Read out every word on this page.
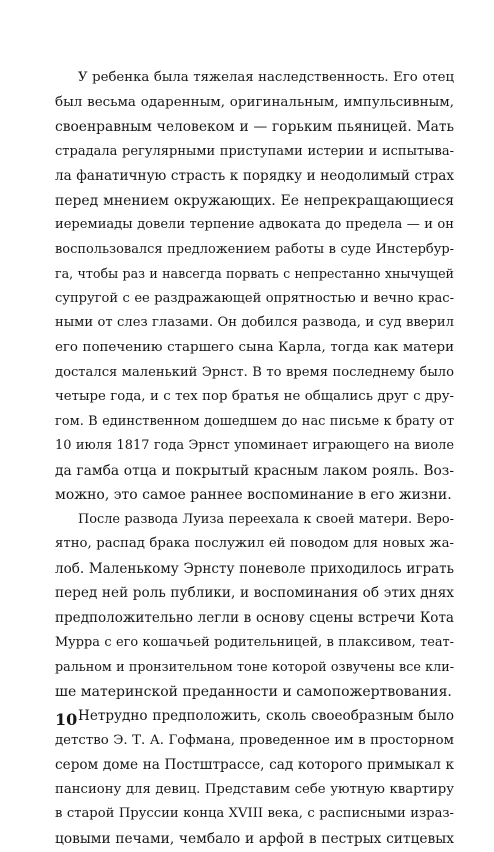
У ребенка была тяжелая наследственность. Его отец
был весьма одаренным, оригинальным, импульсивным,
своенравным человеком и — горьким пьяницей. Мать
страдала регулярными приступами истерии и испытыва-
ла фанатичную страсть к порядку и неодолимый страх
перед мнением окружающих. Ее непрекращающиеся
иеремиады довели терпение адвоката до предела — и он
воспользовался предложением работы в суде Инстербур-
га, чтобы раз и навсегда порвать с непрестанно хнычущей
супругой с ее раздражающей опрятностью и вечно крас-
ными от слез глазами. Он добился развода, и суд вверил
его попечению старшего сына Карла, тогда как матери
достался маленький Эрнст. В то время последнему было
четыре года, и с тех пор братья не общались друг с дру-
гом. В единственном дошедшем до нас письме к брату от
10 июля 1817 года Эрнст упоминает играющего на виоле
да гамба отца и покрытый красным лаком рояль. Воз-
можно, это самое раннее воспоминание в его жизни.
После развода Луиза переехала к своей матери. Веро-
ятно, распад брака послужил ей поводом для новых жа-
лоб. Маленькому Эрнсту поневоле приходилось играть
перед ней роль публики, и воспоминания об этих днях
предположительно легли в основу сцены встречи Кота
Мурра с его кошачьей родительницей, в плаксивом, теат-
ральном и пронзительном тоне которой озвучены все кли-
ше материнской преданности и самопожертвования.
Нетрудно предположить, сколь своеобразным было
детство Э. Т. А. Гофмана, проведенное им в просторном
сером доме на Постштрассе, сад которого примыкал к
пансиону для девиц. Представим себе уютную квартиру
в старой Пруссии конца XVIII века, с расписными израз-
цовыми печами, чембало и арфой в пестрых ситцевых
10
